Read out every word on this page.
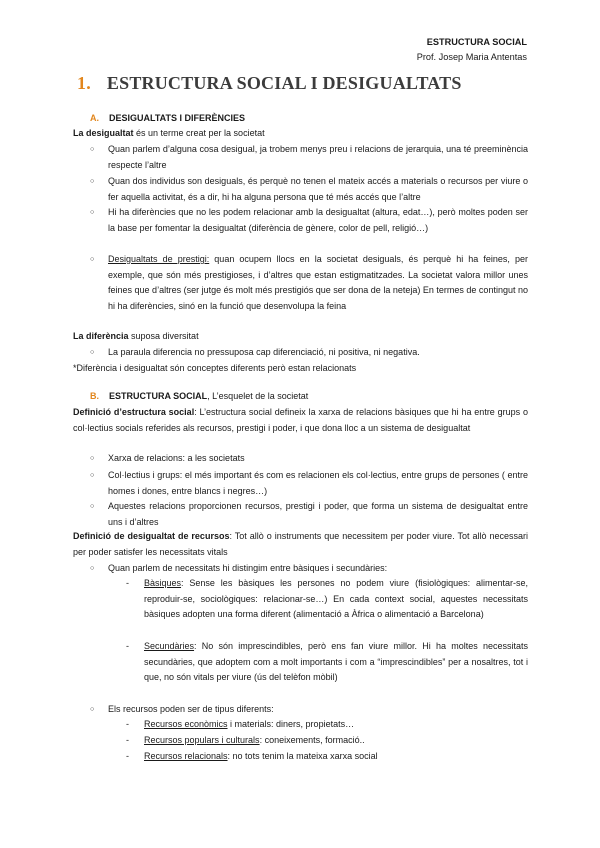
ESTRUCTURA SOCIAL
Prof. Josep Maria Antentas
1. ESTRUCTURA SOCIAL I DESIGUALTATS
A. DESIGUALTATS I DIFERÈNCIES
La desigualtat és un terme creat per la societat
○ Quan parlem d’alguna cosa desigual, ja trobem menys preu i relacions de jerarquia, una té preeminència respecte l’altre
○ Quan dos individus son desiguals, és perquè no tenen el mateix accés a materials o recursos per viure o fer aquella activitat, és a dir, hi ha alguna persona que té més accés que l’altre
○ Hi ha diferències que no les podem relacionar amb la desigualtat (altura, edat…), però moltes poden ser la base per fomentar la desigualtat (diferència de gènere, color de pell, religió…)
○ Desigualtats de prestigi: quan ocupem llocs en la societat desiguals, és perquè hi ha feines, per exemple, que són més prestigioses, i d’altres que estan estigmatitzades. La societat valora millor unes feines que d’altres (ser jutge és molt més prestigiós que ser dona de la neteja) En termes de contingut no hi ha diferències, sinó en la funció que desenvolupa la feina
La diferència suposa diversitat
○ La paraula diferencia no pressuposa cap diferenciació, ni positiva, ni negativa.
*Diferència i desigualtat són conceptes diferents però estan relacionats
B. ESTRUCTURA SOCIAL, L’esquelet de la societat
Definició d’estructura social: L’estructura social defineix la xarxa de relacions bàsiques que hi ha entre grups o col·lectius socials referides als recursos, prestigi i poder, i que dona lloc a un sistema de desigualtat
○ Xarxa de relacions: a les societats
○ Col·lectius i grups: el més important és com es relacionen els col·lectius, entre grups de persones ( entre homes i dones, entre blancs i negres…)
○ Aquestes relacions proporcionen recursos, prestigi i poder, que forma un sistema de desigualtat entre uns i d’altres
Definició de desigualtat de recursos: Tot allò o instruments que necessitem per poder viure. Tot allò necessari per poder satisfer les necessitats vitals
○ Quan parlem de necessitats hi distingim entre bàsiques i secundàries:
- Bàsiques: Sense les bàsiques les persones no podem viure (fisiològiques: alimentar-se, reproduir-se, sociològiques: relacionar-se…) En cada context social, aquestes necessitats bàsiques adopten una forma diferent (alimentació a Àfrica o alimentació a Barcelona)
- Secundàries: No són imprescindibles, però ens fan viure millor. Hi ha moltes necessitats secundàries, que adoptem com a molt importants i com a “imprescindibles” per a nosaltres, tot i que, no són vitals per viure (ús del telèfon mòbil)
○ Els recursos poden ser de tipus diferents:
- Recursos econòmics i materials: diners, propietats…
- Recursos populars i culturals: coneixements, formació..
- Recursos relacionals: no tots tenim la mateixa xarxa social
